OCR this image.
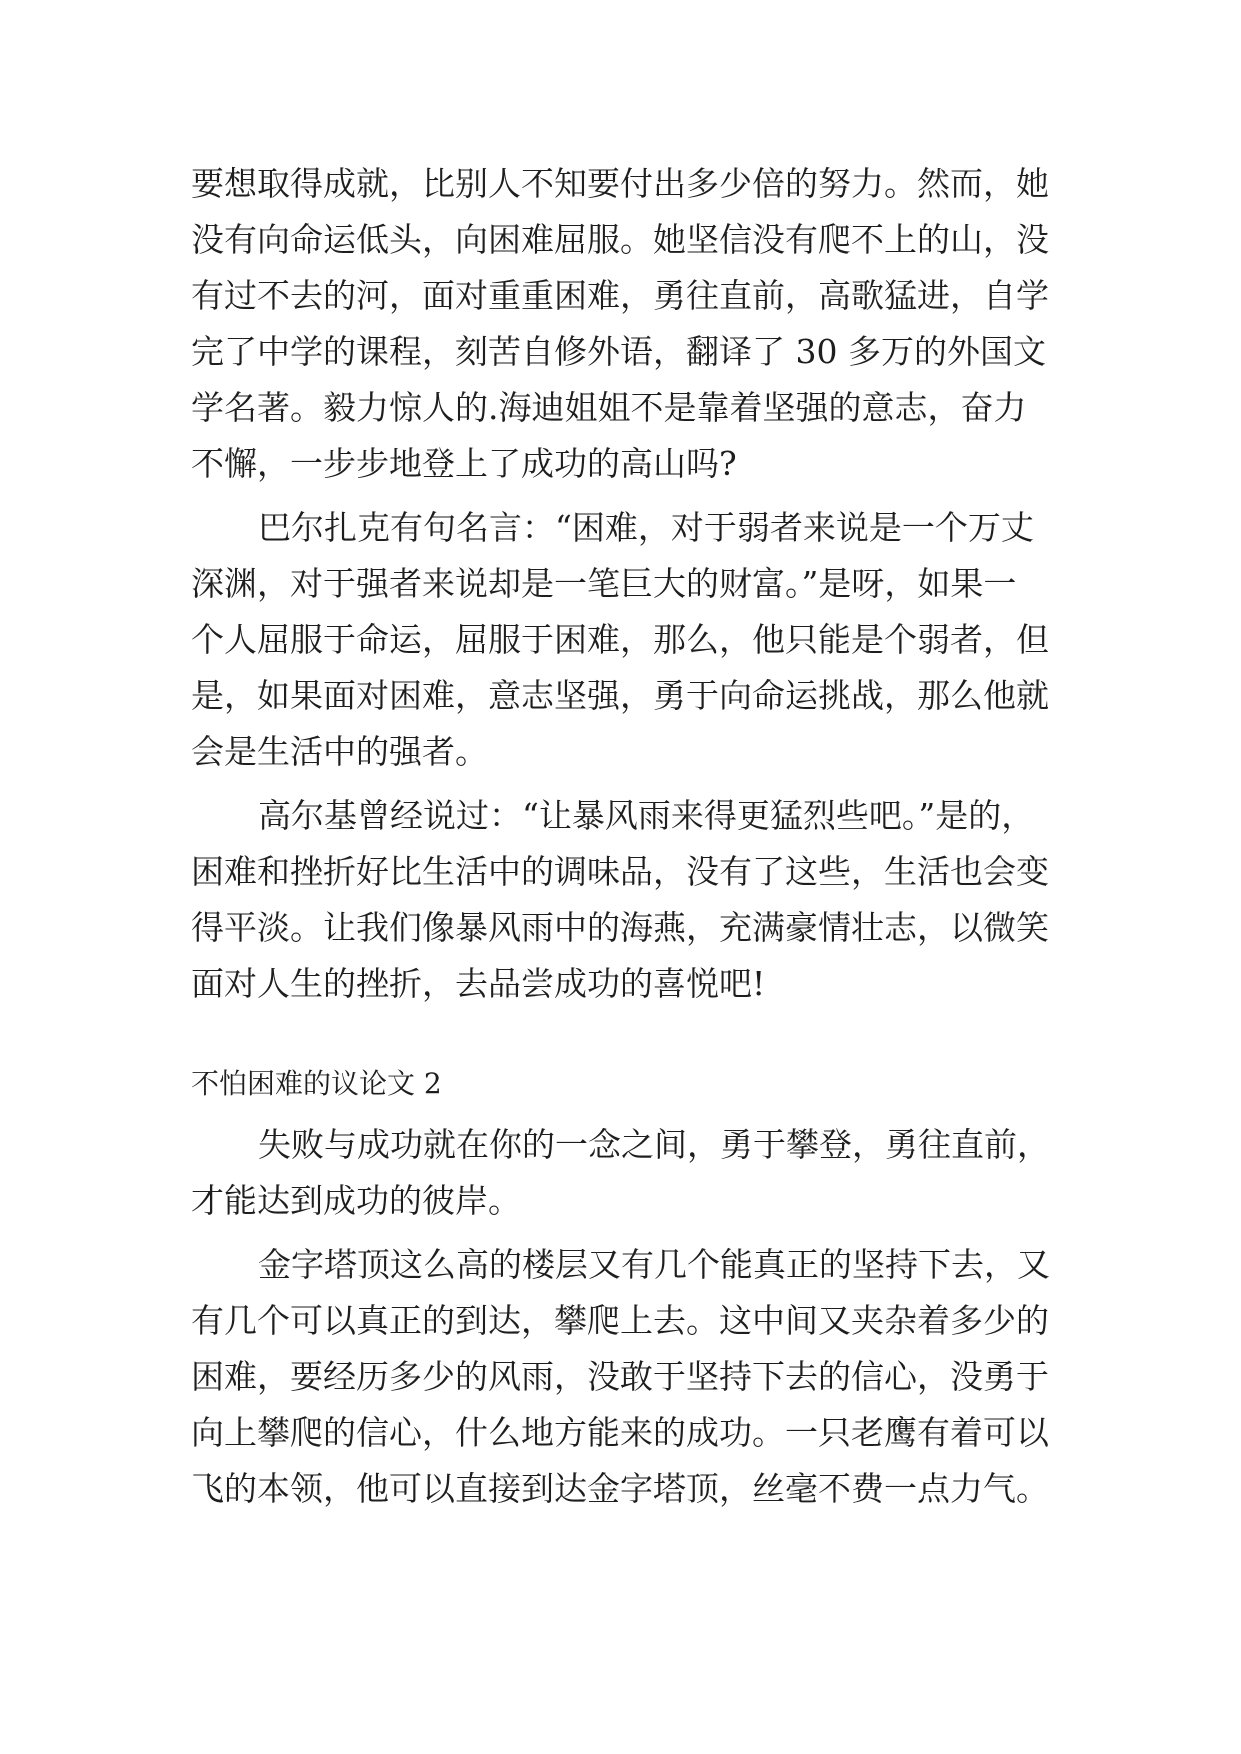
要想取得成就，比别人不知要付出多少倍的努力。然而，她
没有向命运低头，向困难屈服。她坚信没有爬不上的山，没
有过不去的河，面对重重困难，勇往直前，高歌猛进，自学
完了中学的课程，刻苦自修外语，翻译了 30 多万的外国文
学名著。毅力惊人的.海迪姐姐不是靠着坚强的意志，奋力
不懈，一步步地登上了成功的高山吗?
巴尔扎克有句名言：“困难，对于弱者来说是一个万丈
深渊，对于强者来说却是一笔巨大的财富。”是呀，如果一
个人屈服于命运，屈服于困难，那么，他只能是个弱者，但
是，如果面对困难，意志坚强，勇于向命运挑战，那么他就
会是生活中的强者。
高尔基曾经说过：“让暴风雨来得更猛烈些吧。”是的，
困难和挫折好比生活中的调味品，没有了这些，生活也会变
得平淡。让我们像暴风雨中的海燕，充满豪情壮志，以微笑
面对人生的挫折，去品尝成功的喜悦吧!
不怕困难的议论文 2
失败与成功就在你的一念之间，勇于攀登，勇往直前，
才能达到成功的彼岸。
金字塔顶这么高的楼层又有几个能真正的坚持下去，又
有几个可以真正的到达，攀爬上去。这中间又夹杂着多少的
困难，要经历多少的风雨，没敢于坚持下去的信心，没勇于
向上攀爬的信心，什么地方能来的成功。一只老鹰有着可以
飞的本领，他可以直接到达金字塔顶，丝毫不费一点力气。
